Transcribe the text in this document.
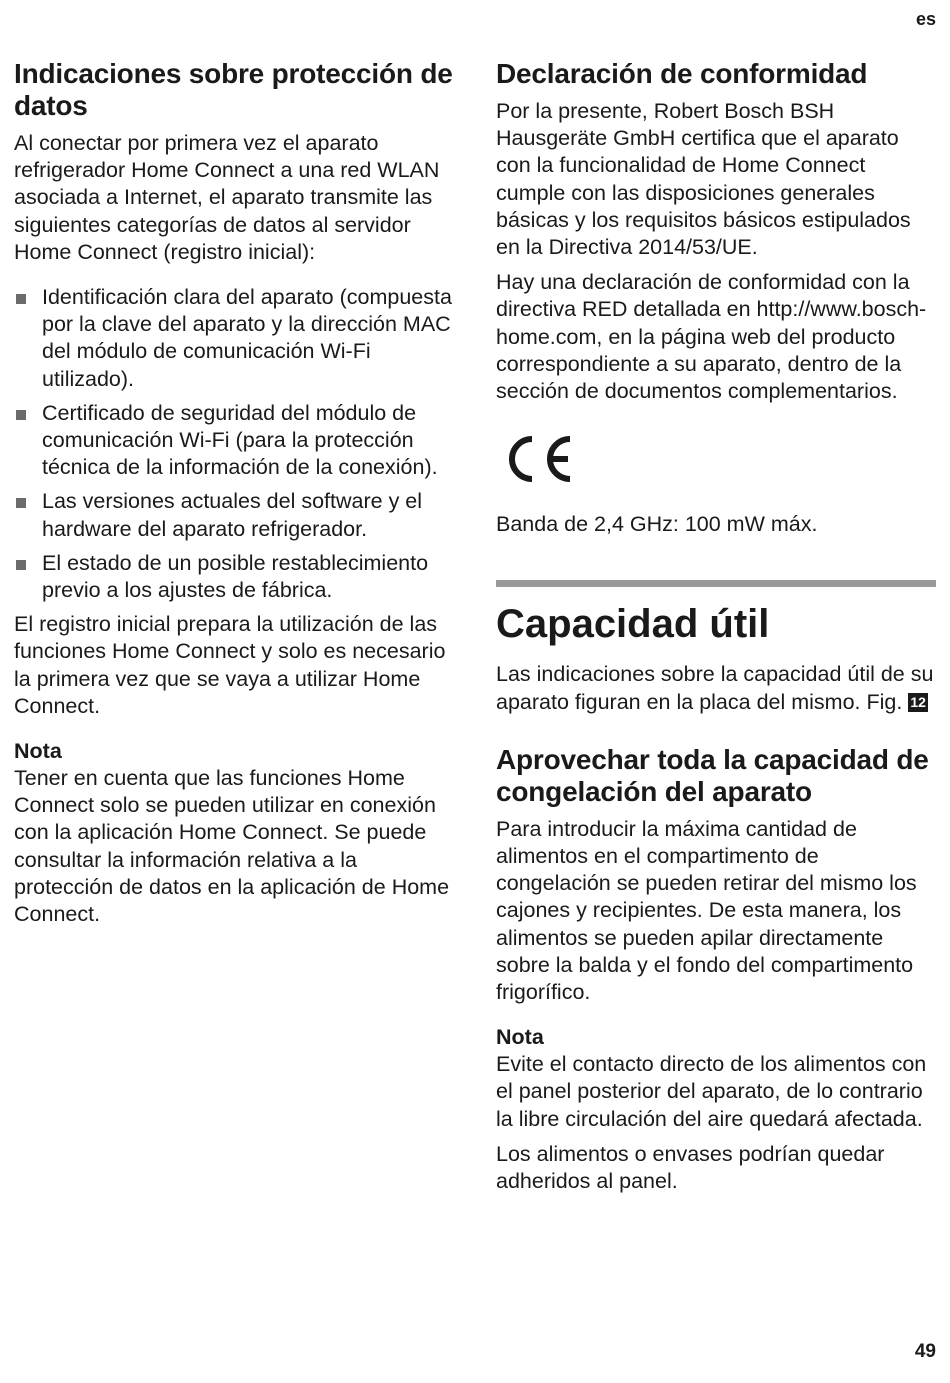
es
Indicaciones sobre protección de datos

Al conectar por primera vez el aparato refrigerador Home Connect a una red WLAN asociada a Internet, el aparato transmite las siguientes categorías de datos al servidor Home Connect (registro inicial):

Identificación clara del aparato (compuesta por la clave del aparato y la dirección MAC del módulo de comunicación Wi-Fi utilizado).
Certificado de seguridad del módulo de comunicación Wi-Fi (para la protección técnica de la información de la conexión).
Las versiones actuales del software y el hardware del aparato refrigerador.
El estado de un posible restablecimiento previo a los ajustes de fábrica.

El registro inicial prepara la utilización de las funciones Home Connect y solo es necesario la primera vez que se vaya a utilizar Home Connect.

Nota

Tener en cuenta que las funciones Home Connect solo se pueden utilizar en conexión con la aplicación Home Connect. Se puede consultar la información relativa a la protección de datos en la aplicación de Home Connect.

Declaración de conformidad

Por la presente, Robert Bosch BSH Hausgeräte GmbH certifica que el aparato con la funcionalidad de Home Connect cumple con las disposiciones generales básicas y los requisitos básicos estipulados en la Directiva 2014/53/UE.

Hay una declaración de conformidad con la directiva RED detallada en http://www.bosch-home.com, en la página web del producto correspondiente a su aparato, dentro de la sección de documentos complementarios.

Banda de 2,4 GHz: 100 mW máx.

Capacidad útil

Las indicaciones sobre la capacidad útil de su aparato figuran en la placa del mismo. Fig. 12

Aprovechar toda la capacidad de congelación del aparato

Para introducir la máxima cantidad de alimentos en el compartimento de congelación se pueden retirar del mismo los cajones y recipientes. De esta manera, los alimentos se pueden apilar directamente sobre la balda y el fondo del compartimento frigorífico.

Nota

Evite el contacto directo de los alimentos con el panel posterior del aparato, de lo contrario la libre circulación del aire quedará afectada.

Los alimentos o envases podrían quedar adheridos al panel.

49
